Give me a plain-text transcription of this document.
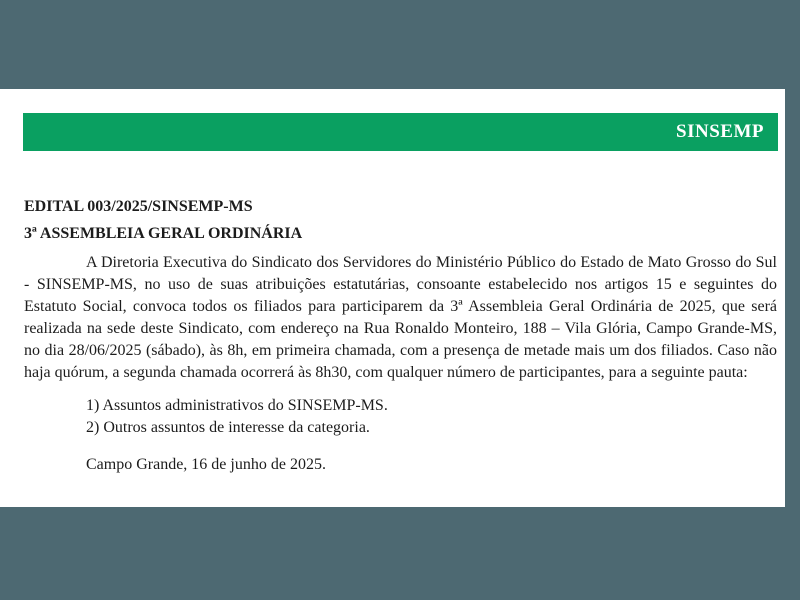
SINSEMP
EDITAL 003/2025/SINSEMP-MS
3ª ASSEMBLEIA GERAL ORDINÁRIA

A Diretoria Executiva do Sindicato dos Servidores do Ministério Público do Estado de Mato Grosso do Sul - SINSEMP-MS, no uso de suas atribuições estatutárias, consoante estabelecido nos artigos 15 e seguintes do Estatuto Social, convoca todos os filiados para participarem da 3ª Assembleia Geral Ordinária de 2025, que será realizada na sede deste Sindicato, com endereço na Rua Ronaldo Monteiro, 188 – Vila Glória, Campo Grande-MS, no dia 28/06/2025 (sábado), às 8h, em primeira chamada, com a presença de metade mais um dos filiados. Caso não haja quórum, a segunda chamada ocorrerá às 8h30, com qualquer número de participantes, para a seguinte pauta:

1) Assuntos administrativos do SINSEMP-MS.
2) Outros assuntos de interesse da categoria.
Campo Grande, 16 de junho de 2025.
